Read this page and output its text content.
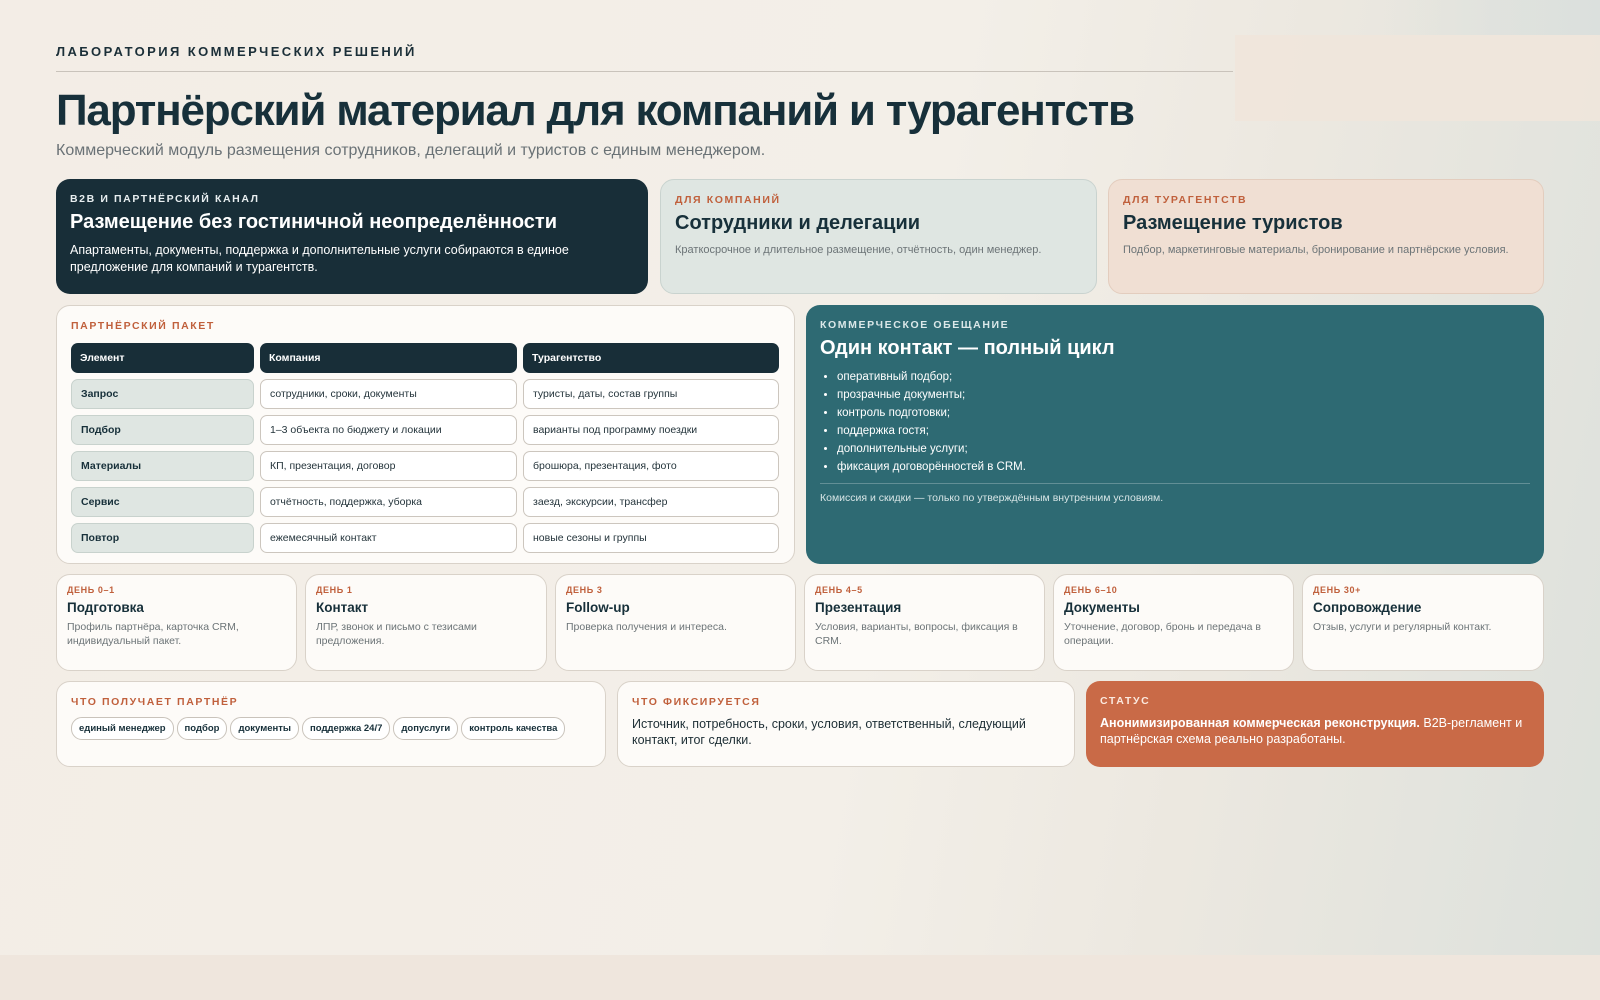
ЛАБОРАТОРИЯ КОММЕРЧЕСКИХ РЕШЕНИЙ
Партнёрский материал для компаний и турагентств
Коммерческий модуль размещения сотрудников, делегаций и туристов с единым менеджером.
B2B И ПАРТНЁРСКИЙ КАНАЛ
Размещение без гостиничной неопределённости
Апартаменты, документы, поддержка и дополнительные услуги собираются в единое предложение для компаний и турагентств.
ДЛЯ КОМПАНИЙ
Сотрудники и делегации
Краткосрочное и длительное размещение, отчётность, один менеджер.
ДЛЯ ТУРАГЕНТСТВ
Размещение туристов
Подбор, маркетинговые материалы, бронирование и партнёрские условия.
ПАРТНЁРСКИЙ ПАКЕТ
Элемент	Компания	Турагентство
Запрос	сотрудники, сроки, документы	туристы, даты, состав группы
Подбор	1–3 объекта по бюджету и локации	варианты под программу поездки
Материалы	КП, презентация, договор	брошюра, презентация, фото
Сервис	отчётность, поддержка, уборка	заезд, экскурсии, трансфер
Повтор	ежемесячный контакт	новые сезоны и группы
КОММЕРЧЕСКОЕ ОБЕЩАНИЕ
Один контакт — полный цикл
• оперативный подбор;
• прозрачные документы;
• контроль подготовки;
• поддержка гостя;
• дополнительные услуги;
• фиксация договорённостей в CRM.
Комиссия и скидки — только по утверждённым внутренним условиям.
ДЕНЬ 0–1
Подготовка
Профиль партнёра, карточка CRM, индивидуальный пакет.
ДЕНЬ 1
Контакт
ЛПР, звонок и письмо с тезисами предложения.
ДЕНЬ 3
Follow-up
Проверка получения и интереса.
ДЕНЬ 4–5
Презентация
Условия, варианты, вопросы, фиксация в CRM.
ДЕНЬ 6–10
Документы
Уточнение, договор, бронь и передача в операции.
ДЕНЬ 30+
Сопровождение
Отзыв, услуги и регулярный контакт.
ЧТО ПОЛУЧАЕТ ПАРТНЁР
единый менеджер	подбор	документы	поддержка 24/7	допуслуги	контроль качества
ЧТО ФИКСИРУЕТСЯ
Источник, потребность, сроки, условия, ответственный, следующий контакт, итог сделки.
СТАТУС
Анонимизированная коммерческая реконструкция. B2B-регламент и партнёрская схема реально разработаны.
